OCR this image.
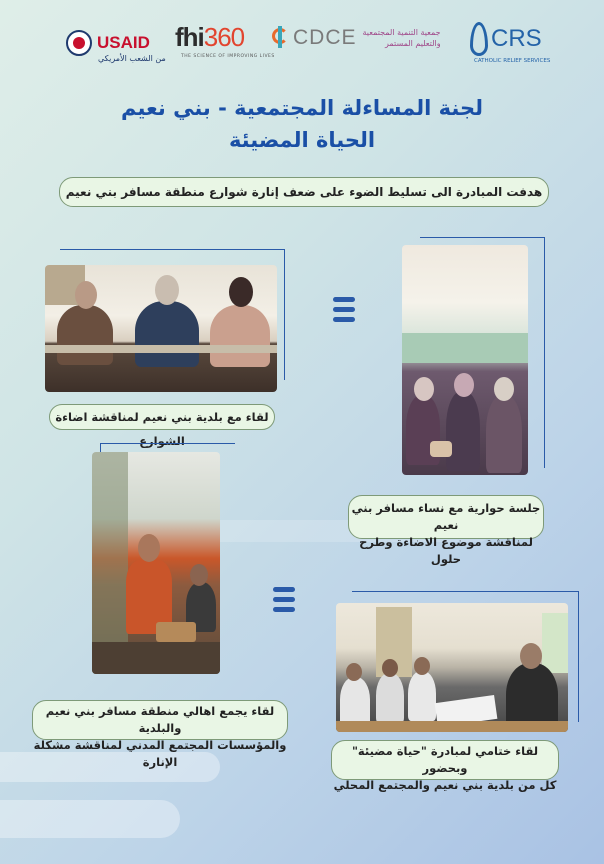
USAID
من الشعب الأمريكي
fhi360
THE SCIENCE OF IMPROVING LIVES
CDCE جمعية التنمية المجتمعية
والتعليم المستمر CRS
CATHOLIC RELIEF SERVICES
لجنة المساءلة المجتمعية - بني نعيم
الحياة المضيئة
هدفت المبادرة الى تسليط الضوء على ضعف إنارة شوارع منطقة مسافر بني نعيم
لقاء مع بلدية بني نعيم لمناقشة اضاءة الشوارع
جلسة حوارية مع نساء مسافر بني نعيم
لمناقشة موضوع الاضاءة وطرح حلول
لقاء يجمع اهالي منطقة مسافر بني نعيم والبلدية
والمؤسسات المجتمع المدني لمناقشة مشكلة الإنارة
لقاء ختامي لمبادرة "حياة مضيئة" وبحضور
كل من بلدية بني نعيم والمجتمع المحلي
